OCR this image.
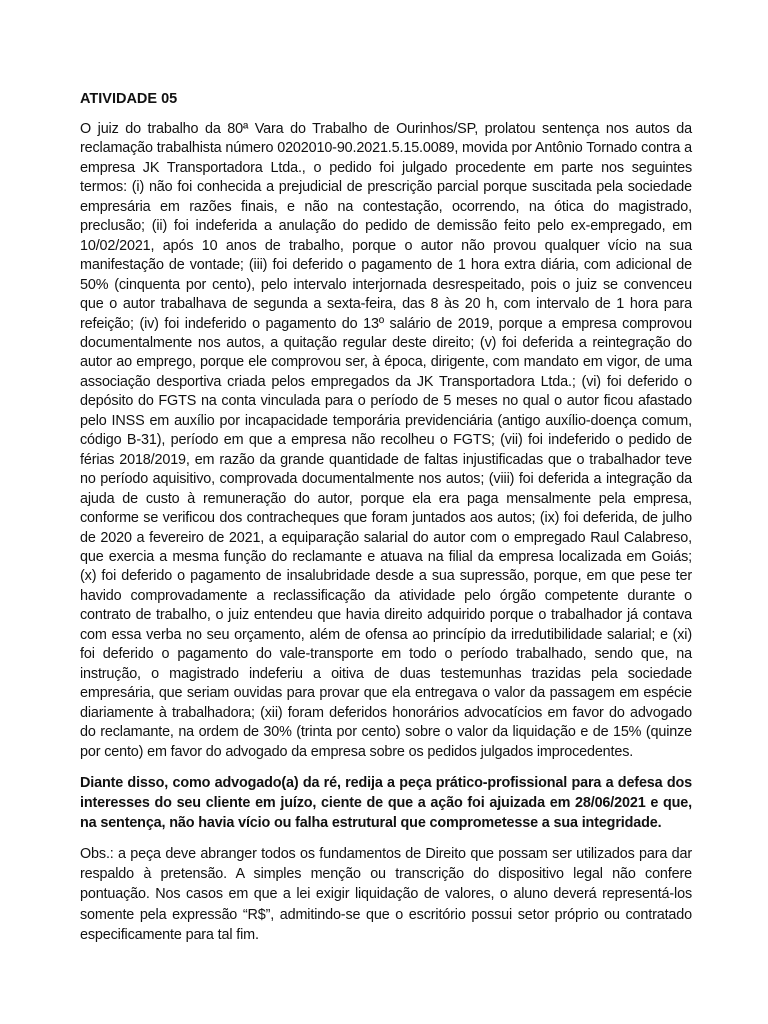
ATIVIDADE 05

O juiz do trabalho da 80ª Vara do Trabalho de Ourinhos/SP, prolatou sentença nos autos da reclamação trabalhista número 0202010-90.2021.5.15.0089, movida por Antônio Tornado contra a empresa JK Transportadora Ltda., o pedido foi julgado procedente em parte nos seguintes termos: (i) não foi conhecida a prejudicial de prescrição parcial porque suscitada pela sociedade empresária em razões finais, e não na contestação, ocorrendo, na ótica do magistrado, preclusão; (ii) foi indeferida a anulação do pedido de demissão feito pelo ex-empregado, em 10/02/2021, após 10 anos de trabalho, porque o autor não provou qualquer vício na sua manifestação de vontade; (iii) foi deferido o pagamento de 1 hora extra diária, com adicional de 50% (cinquenta por cento), pelo intervalo interjornada desrespeitado, pois o juiz se convenceu que o autor trabalhava de segunda a sexta-feira, das 8 às 20 h, com intervalo de 1 hora para refeição; (iv) foi indeferido o pagamento do 13º salário de 2019, porque a empresa comprovou documentalmente nos autos, a quitação regular deste direito; (v) foi deferida a reintegração do autor ao emprego, porque ele comprovou ser, à época, dirigente, com mandato em vigor, de uma associação desportiva criada pelos empregados da JK Transportadora Ltda.; (vi) foi deferido o depósito do FGTS na conta vinculada para o período de 5 meses no qual o autor ficou afastado pelo INSS em auxílio por incapacidade temporária previdenciária (antigo auxílio-doença comum, código B-31), período em que a empresa não recolheu o FGTS; (vii) foi indeferido o pedido de férias 2018/2019, em razão da grande quantidade de faltas injustificadas que o trabalhador teve no período aquisitivo, comprovada documentalmente nos autos; (viii) foi deferida a integração da ajuda de custo à remuneração do autor, porque ela era paga mensalmente pela empresa, conforme se verificou dos contracheques que foram juntados aos autos; (ix) foi deferida, de julho de 2020 a fevereiro de 2021, a equiparação salarial do autor com o empregado Raul Calabreso, que exercia a mesma função do reclamante e atuava na filial da empresa localizada em Goiás; (x) foi deferido o pagamento de insalubridade desde a sua supressão, porque, em que pese ter havido comprovadamente a reclassificação da atividade pelo órgão competente durante o contrato de trabalho, o juiz entendeu que havia direito adquirido porque o trabalhador já contava com essa verba no seu orçamento, além de ofensa ao princípio da irredutibilidade salarial; e (xi) foi deferido o pagamento do vale-transporte em todo o período trabalhado, sendo que, na instrução, o magistrado indeferiu a oitiva de duas testemunhas trazidas pela sociedade empresária, que seriam ouvidas para provar que ela entregava o valor da passagem em espécie diariamente à trabalhadora; (xii) foram deferidos honorários advocatícios em favor do advogado do reclamante, na ordem de 30% (trinta por cento) sobre o valor da liquidação e de 15% (quinze por cento) em favor do advogado da empresa sobre os pedidos julgados improcedentes.

Diante disso, como advogado(a) da ré, redija a peça prático-profissional para a defesa dos interesses do seu cliente em juízo, ciente de que a ação foi ajuizada em 28/06/2021 e que, na sentença, não havia vício ou falha estrutural que comprometesse a sua integridade.

Obs.: a peça deve abranger todos os fundamentos de Direito que possam ser utilizados para dar respaldo à pretensão. A simples menção ou transcrição do dispositivo legal não confere pontuação. Nos casos em que a lei exigir liquidação de valores, o aluno deverá representá-los somente pela expressão “R$”, admitindo-se que o escritório possui setor próprio ou contratado especificamente para tal fim.
